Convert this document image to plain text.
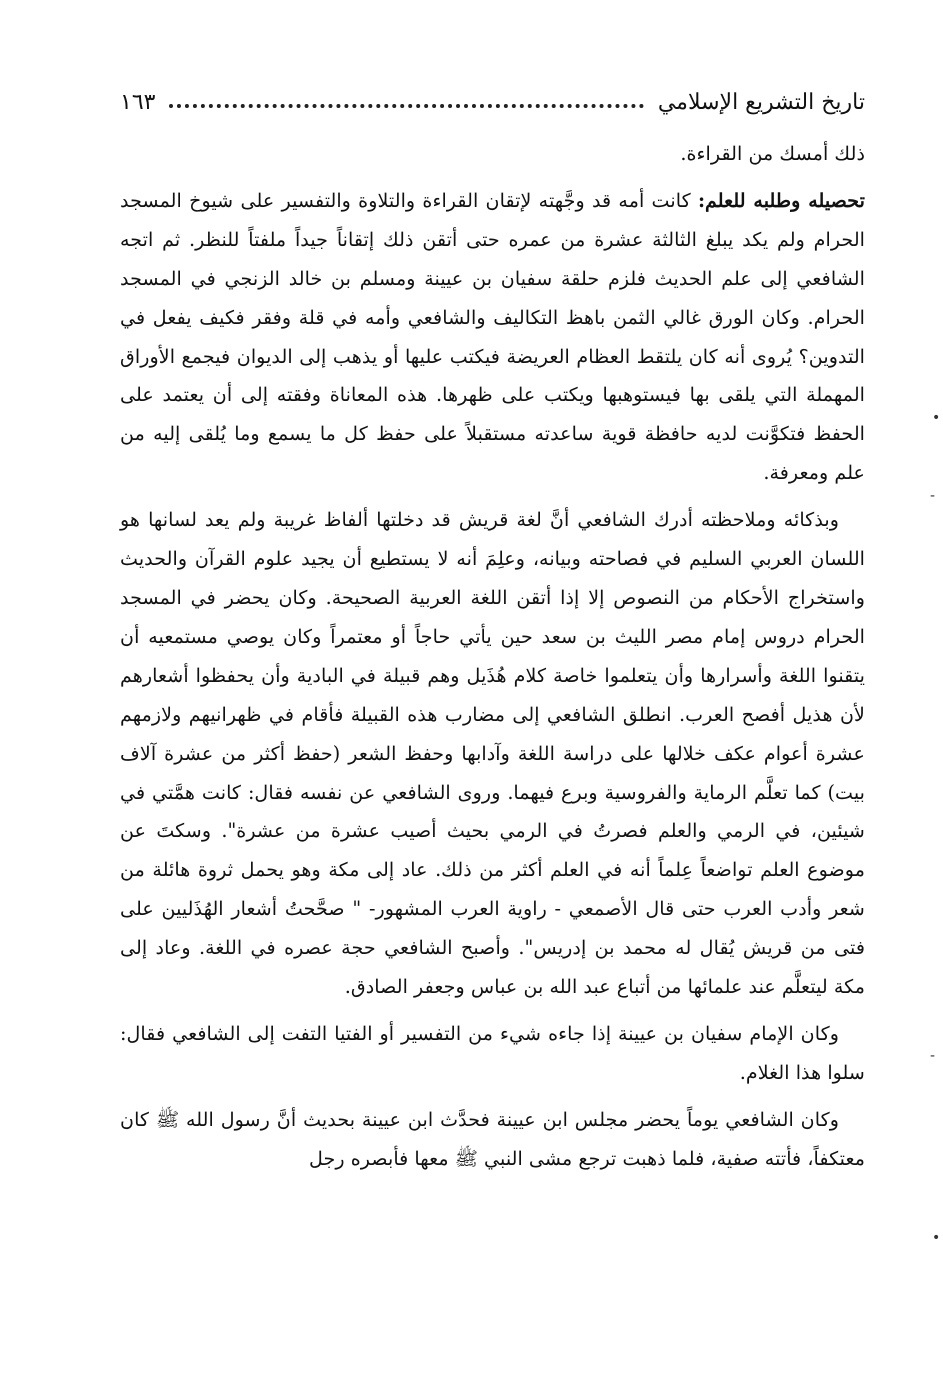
تاريخ التشريع الإسلامي
١٦٣

ذلك أمسك من القراءة.

تحصيله وطلبه للعلم: كانت أمه قد وجَّهته لإتقان القراءة والتلاوة والتفسير على شيوخ المسجد الحرام ولم يكد يبلغ الثالثة عشرة من عمره حتى أتقن ذلك إتقاناً جيداً ملفتاً للنظر. ثم اتجه الشافعي إلى علم الحديث فلزم حلقة سفيان بن عيينة ومسلم بن خالد الزنجي في المسجد الحرام. وكان الورق غالي الثمن باهظ التكاليف والشافعي وأمه في قلة وفقر فكيف يفعل في التدوين؟ يُروى أنه كان يلتقط العظام العريضة فيكتب عليها أو يذهب إلى الديوان فيجمع الأوراق المهملة التي يلقى بها فيستوهبها ويكتب على ظهرها. هذه المعاناة وفقته إلى أن يعتمد على الحفظ فتكوَّنت لديه حافظة قوية ساعدته مستقبلاً على حفظ كل ما يسمع وما يُلقى إليه من علم ومعرفة.

وبذكائه وملاحظته أدرك الشافعي أنَّ لغة قريش قد دخلتها ألفاظ غريبة ولم يعد لسانها هو اللسان العربي السليم في فصاحته وبيانه، وعلِمَ أنه لا يستطيع أن يجيد علوم القرآن والحديث واستخراج الأحكام من النصوص إلا إذا أتقن اللغة العربية الصحيحة. وكان يحضر في المسجد الحرام دروس إمام مصر الليث بن سعد حين يأتي حاجاً أو معتمراً وكان يوصي مستمعيه أن يتقنوا اللغة وأسرارها وأن يتعلموا خاصة كلام هُذَيل وهم قبيلة في البادية وأن يحفظوا أشعارهم لأن هذيل أفصح العرب. انطلق الشافعي إلى مضارب هذه القبيلة فأقام في ظهرانيهم ولازمهم عشرة أعوام عكف خلالها على دراسة اللغة وآدابها وحفظ الشعر (حفظ أكثر من عشرة آلاف بيت) كما تعلَّم الرماية والفروسية وبرع فيهما. وروى الشافعي عن نفسه فقال: كانت همَّتي في شيئين، في الرمي والعلم فصرتُ في الرمي بحيث أصيب عشرة من عشرة". وسكتَ عن موضوع العلم تواضعاً عِلماً أنه في العلم أكثر من ذلك. عاد إلى مكة وهو يحمل ثروة هائلة من شعر وأدب العرب حتى قال الأصمعي - راوية العرب المشهور- " صحَّحتُ أشعار الهُذَليين على فتى من قريش يُقال له محمد بن إدريس". وأصبح الشافعي حجة عصره في اللغة. وعاد إلى مكة ليتعلَّم عند علمائها من أتباع عبد الله بن عباس وجعفر الصادق.

وكان الإمام سفيان بن عيينة إذا جاءه شيء من التفسير أو الفتيا التفت إلى الشافعي فقال: سلوا هذا الغلام.

وكان الشافعي يوماً يحضر مجلس ابن عيينة فحدَّث ابن عيينة بحديث أنَّ رسول الله ﷺ كان معتكفاً، فأتته صفية، فلما ذهبت ترجع مشى النبي ﷺ معها فأبصره رجل

•
-
-
•
